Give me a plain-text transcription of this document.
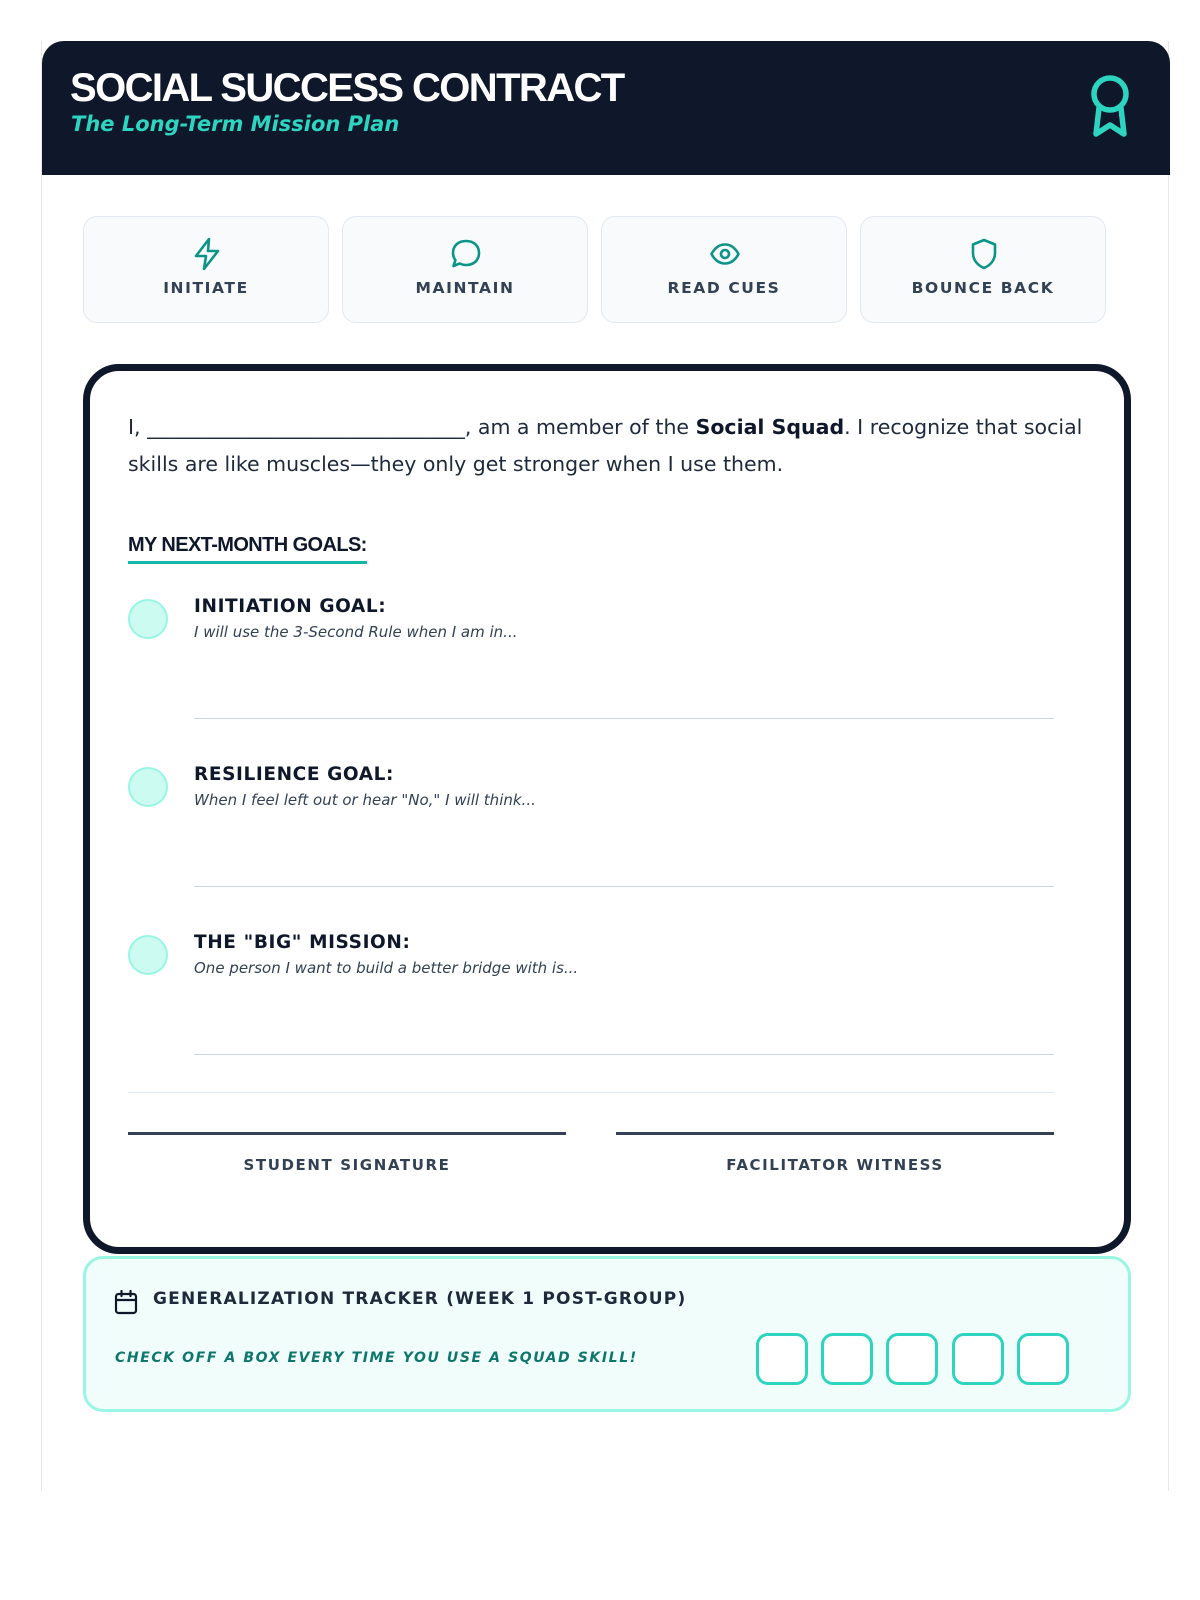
SOCIAL SUCCESS CONTRACT
The Long-Term Mission Plan
INITIATE	MAINTAIN	READ CUES	BOUNCE BACK

I, _______________________________, am a member of the Social Squad. I recognize that social skills are like muscles—they only get stronger when I use them.

MY NEXT-MONTH GOALS:
INITIATION GOAL:
I will use the 3-Second Rule when I am in...
RESILIENCE GOAL:
When I feel left out or hear "No," I will think...
THE "BIG" MISSION:
One person I want to build a better bridge with is...
STUDENT SIGNATURE	FACILITATOR WITNESS
GENERALIZATION TRACKER (WEEK 1 POST-GROUP)
CHECK OFF A BOX EVERY TIME YOU USE A SQUAD SKILL!
